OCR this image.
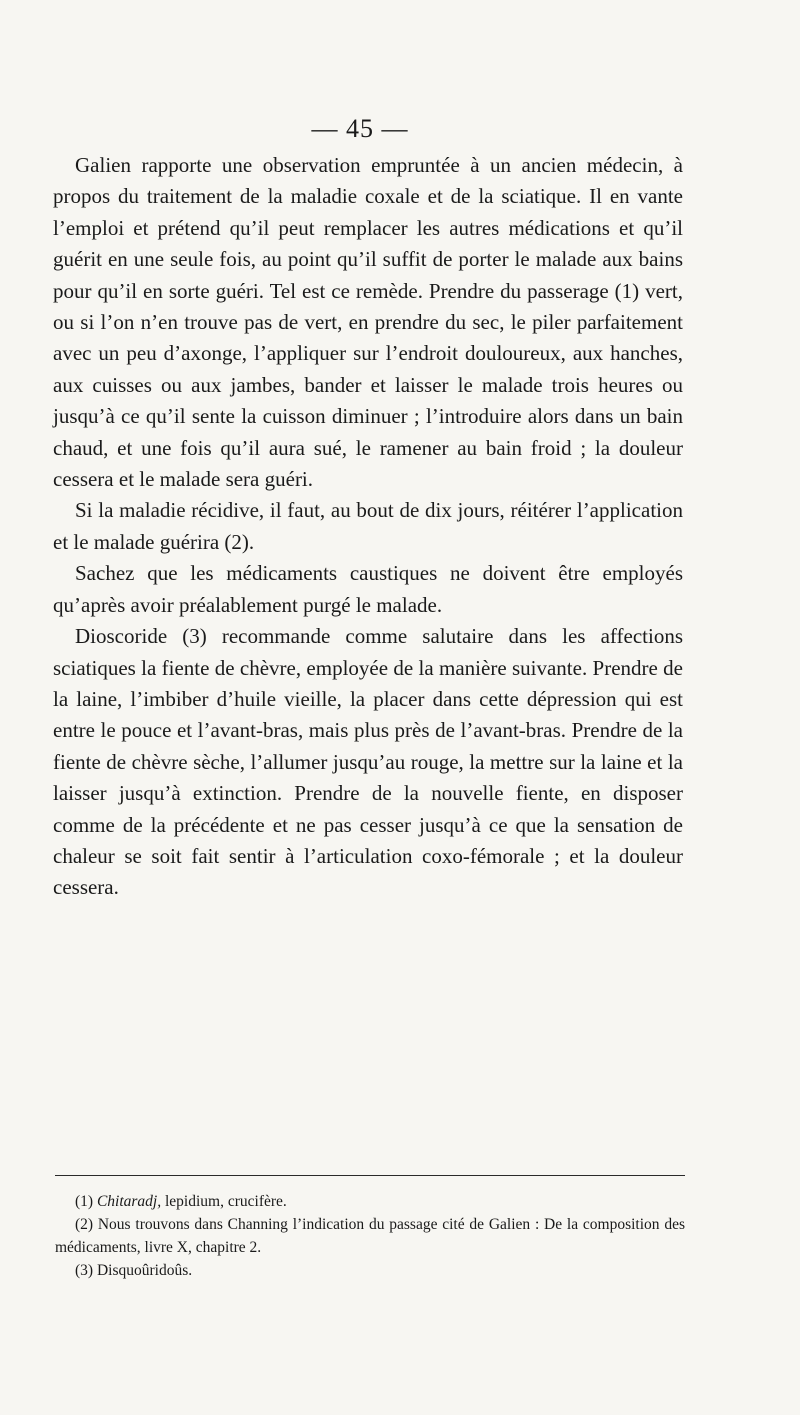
— 45 —

Galien rapporte une observation empruntée à un ancien médecin, à propos du traitement de la maladie coxale et de la sciatique. Il en vante l’emploi et prétend qu’il peut remplacer les autres médications et qu’il guérit en une seule fois, au point qu’il suffit de porter le malade aux bains pour qu’il en sorte guéri. Tel est ce remède. Prendre du passerage (1) vert, ou si l’on n’en trouve pas de vert, en prendre du sec, le piler parfaitement avec un peu d’axonge, l’appliquer sur l’endroit douloureux, aux hanches, aux cuisses ou aux jambes, bander et laisser le malade trois heures ou jusqu’à ce qu’il sente la cuisson diminuer ; l’introduire alors dans un bain chaud, et une fois qu’il aura sué, le ramener au bain froid ; la douleur cessera et le malade sera guéri.

Si la maladie récidive, il faut, au bout de dix jours, réitérer l’application et le malade guérira (2).

Sachez que les médicaments caustiques ne doivent être employés qu’après avoir préalablement purgé le malade.

Dioscoride (3) recommande comme salutaire dans les affections sciatiques la fiente de chèvre, employée de la manière suivante. Prendre de la laine, l’imbiber d’huile vieille, la placer dans cette dépression qui est entre le pouce et l’avant-bras, mais plus près de l’avant-bras. Prendre de la fiente de chèvre sèche, l’allumer jusqu’au rouge, la mettre sur la laine et la laisser jusqu’à extinction. Prendre de la nouvelle fiente, en disposer comme de la précédente et ne pas cesser jusqu’à ce que la sensation de chaleur se soit fait sentir à l’articulation coxo-fémorale ; et la douleur cessera.

(1) Chitaradj, lepidium, crucifère.

(2) Nous trouvons dans Channing l’indication du passage cité de Galien : De la composition des médicaments, livre X, chapitre 2.

(3) Disquoûridoûs.
